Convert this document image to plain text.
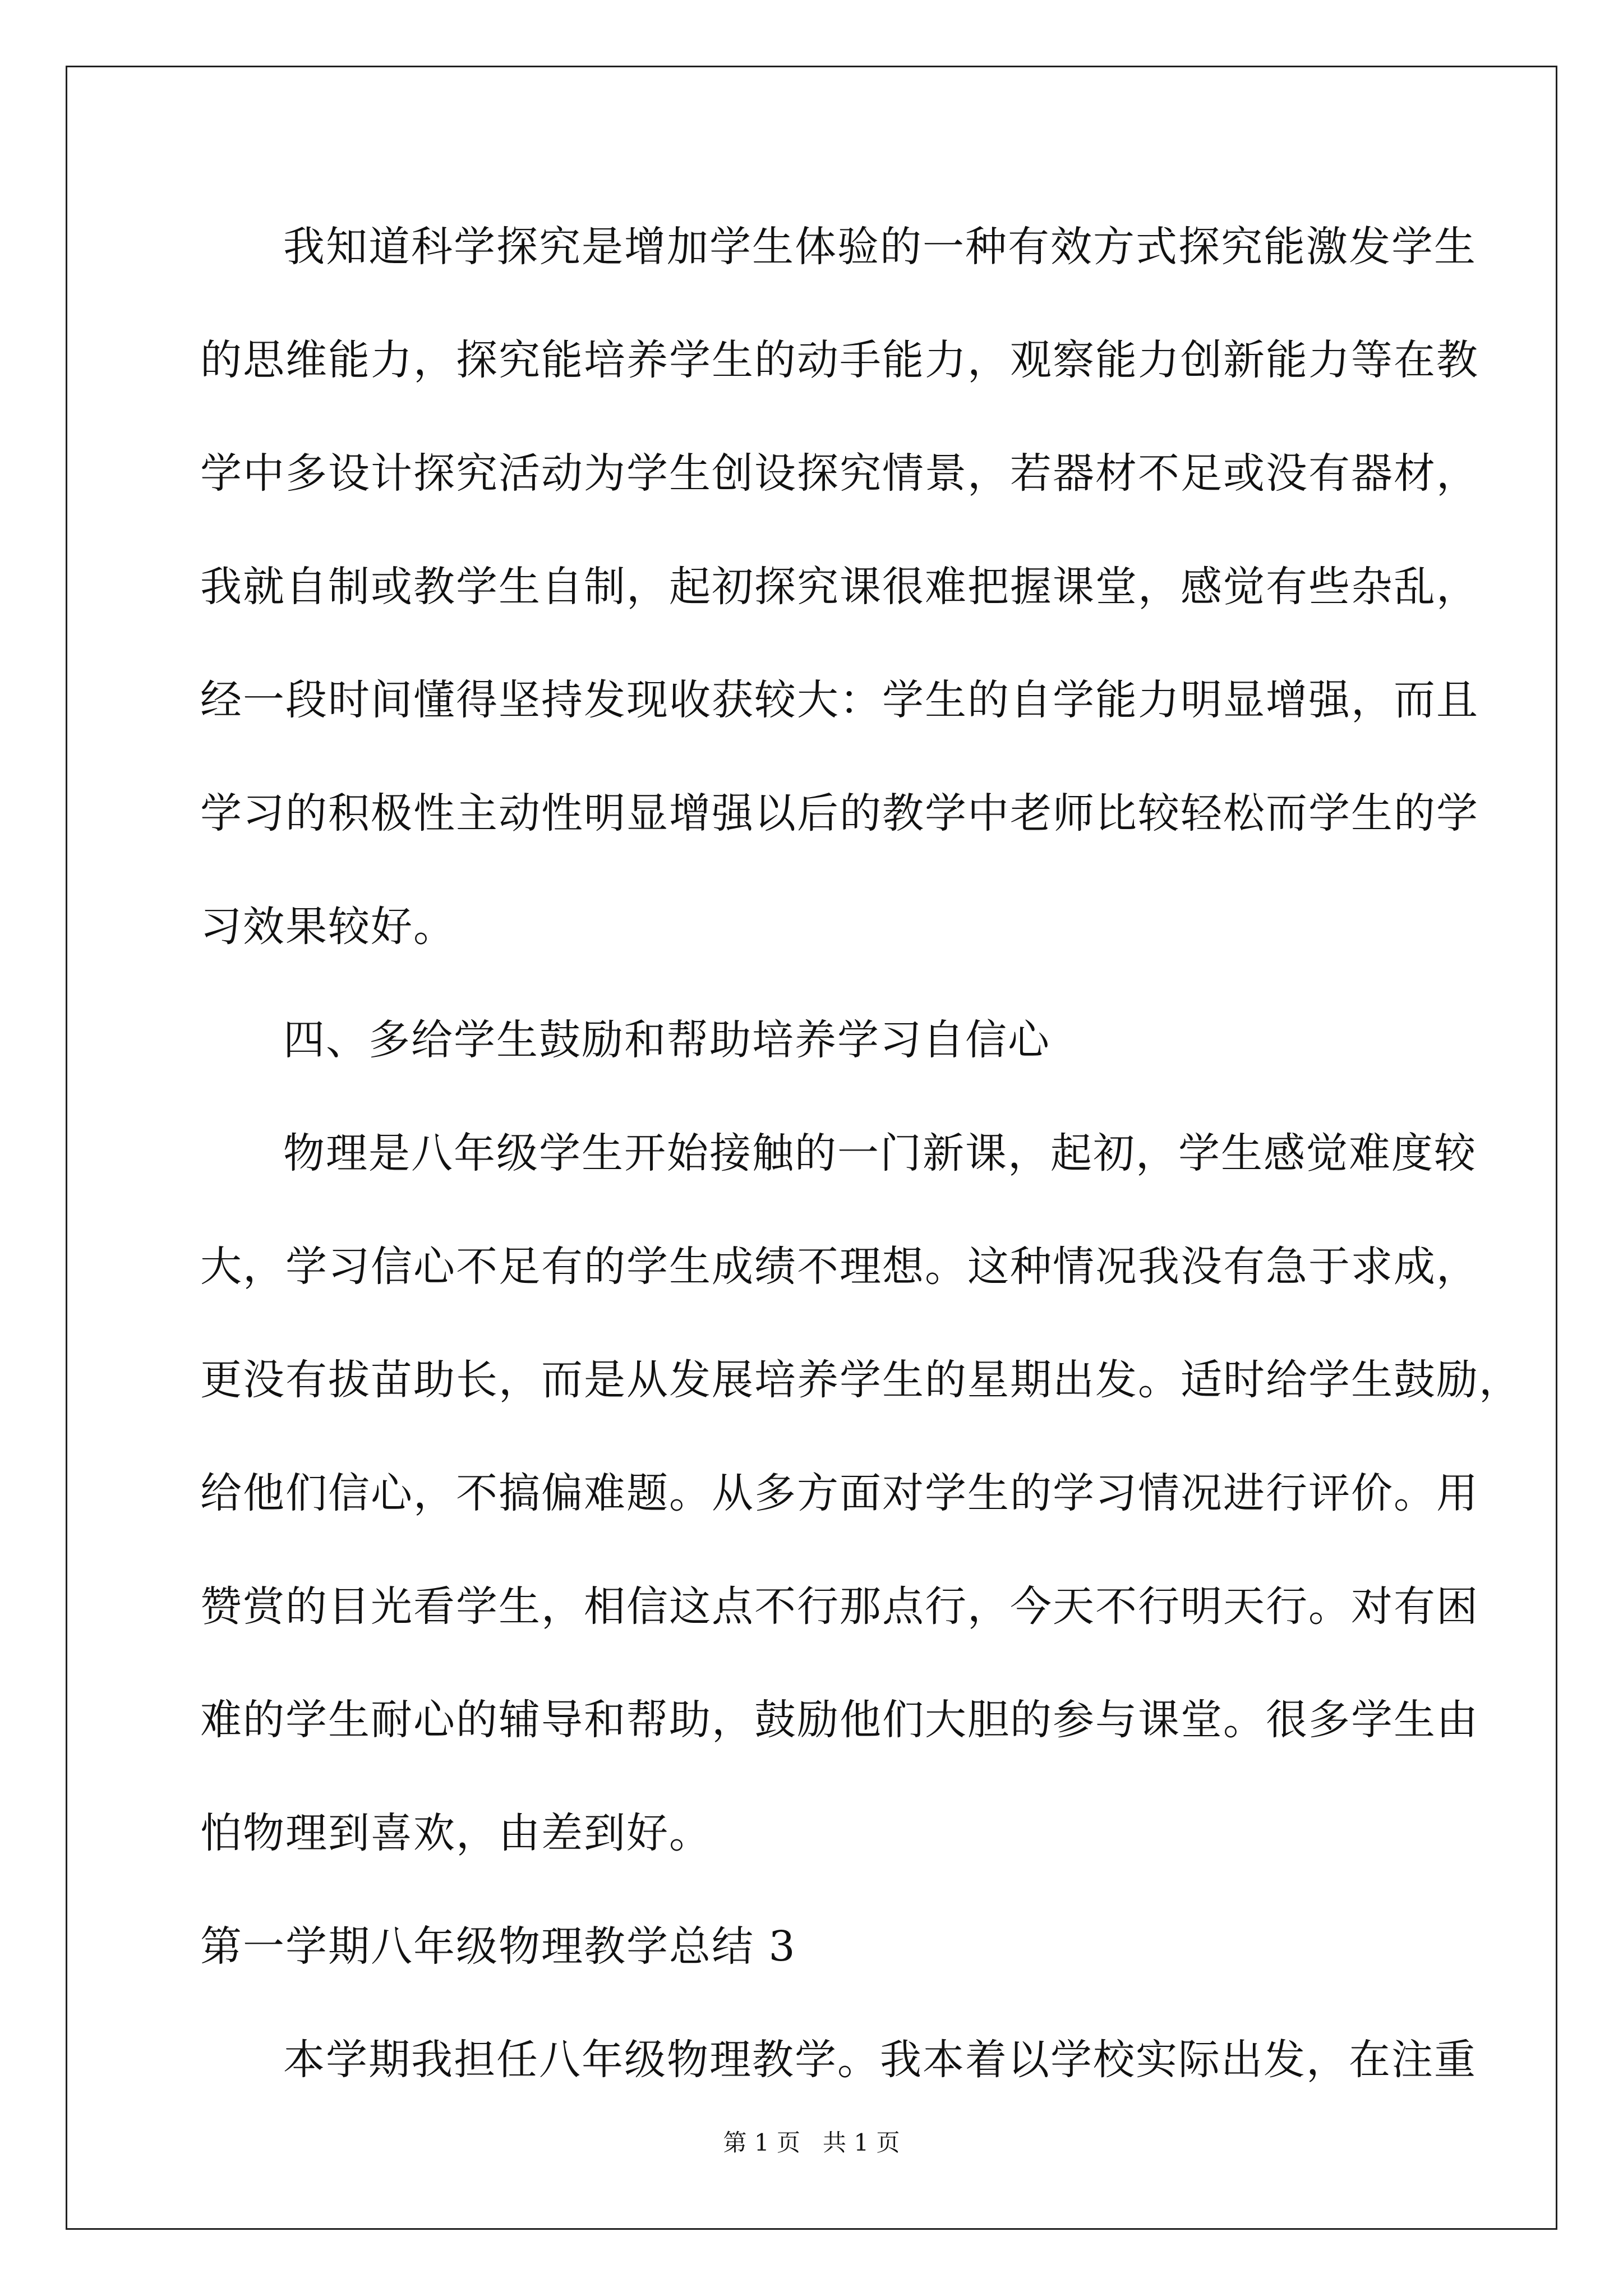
我知道科学探究是增加学生体验的一种有效方式探究能激发学生
的思维能力，探究能培养学生的动手能力，观察能力创新能力等在教
学中多设计探究活动为学生创设探究情景，若器材不足或没有器材，
我就自制或教学生自制，起初探究课很难把握课堂，感觉有些杂乱，
经一段时间懂得坚持发现收获较大：学生的自学能力明显增强，而且
学习的积极性主动性明显增强以后的教学中老师比较轻松而学生的学
习效果较好。
四、多给学生鼓励和帮助培养学习自信心
物理是八年级学生开始接触的一门新课，起初，学生感觉难度较
大，学习信心不足有的学生成绩不理想。这种情况我没有急于求成，
更没有拔苗助长，而是从发展培养学生的星期出发。适时给学生鼓励，
给他们信心，不搞偏难题。从多方面对学生的学习情况进行评价。用
赞赏的目光看学生，相信这点不行那点行，今天不行明天行。对有困
难的学生耐心的辅导和帮助，鼓励他们大胆的参与课堂。很多学生由
怕物理到喜欢，由差到好。
第一学期八年级物理教学总结 3
本学期我担任八年级物理教学。我本着以学校实际出发，在注重
第 1 页   共 1 页
